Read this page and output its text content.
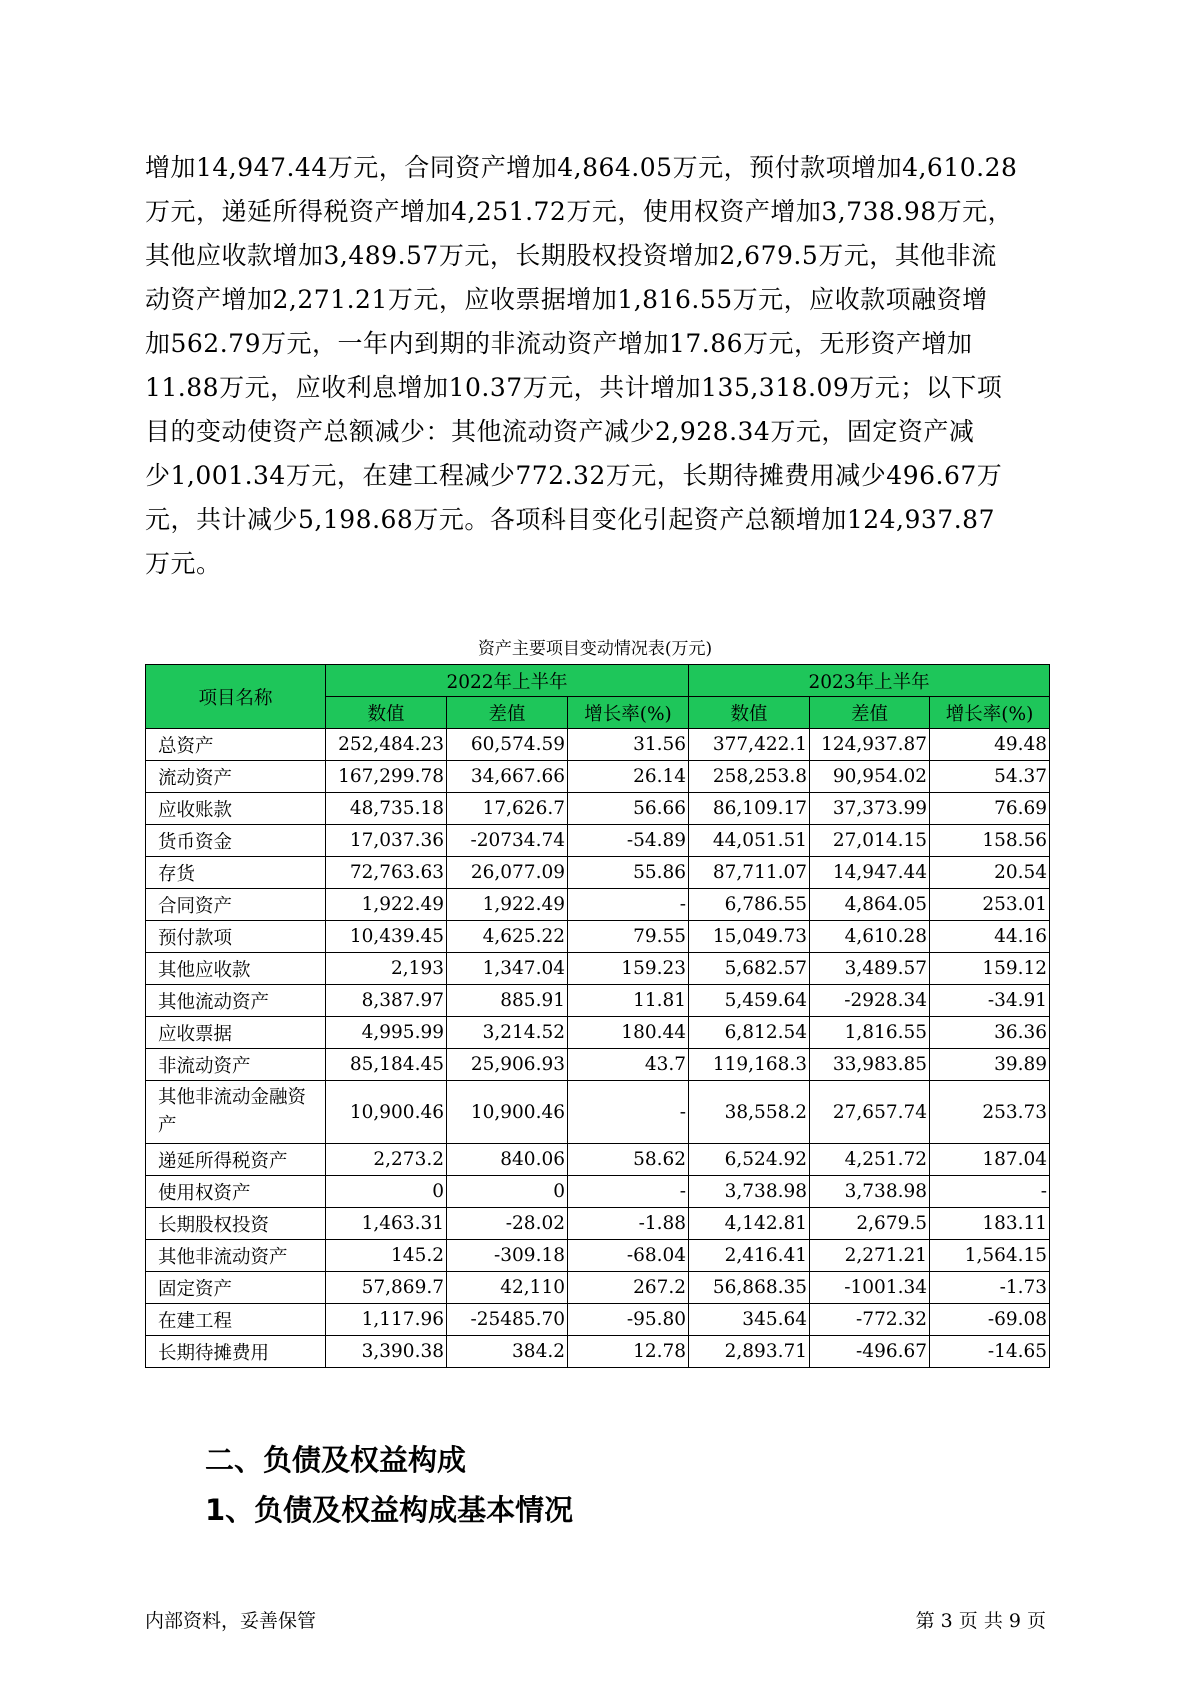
增加14,947.44万元，合同资产增加4,864.05万元，预付款项增加4,610.28

万元，递延所得税资产增加4,251.72万元，使用权资产增加3,738.98万元，

其他应收款增加3,489.57万元，长期股权投资增加2,679.5万元，其他非流

动资产增加2,271.21万元，应收票据增加1,816.55万元，应收款项融资增

加562.79万元，一年内到期的非流动资产增加17.86万元，无形资产增加

11.88万元，应收利息增加10.37万元，共计增加135,318.09万元；以下项

目的变动使资产总额减少：其他流动资产减少2,928.34万元，固定资产减

少1,001.34万元，在建工程减少772.32万元，长期待摊费用减少496.67万

元，共计减少5,198.68万元。各项科目变化引起资产总额增加124,937.87

万元。

资产主要项目变动情况表(万元)
项目名称	2022年上半年			2023年上半年		
	数值	差值	增长率(%)	数值	差值	增长率(%)
总资产	252,484.23	60,574.59	31.56	377,422.1	124,937.87	49.48
流动资产	167,299.78	34,667.66	26.14	258,253.8	90,954.02	54.37
应收账款	48,735.18	17,626.7	56.66	86,109.17	37,373.99	76.69
货币资金	17,037.36	-20734.74	-54.89	44,051.51	27,014.15	158.56
存货	72,763.63	26,077.09	55.86	87,711.07	14,947.44	20.54
合同资产	1,922.49	1,922.49	-	6,786.55	4,864.05	253.01
预付款项	10,439.45	4,625.22	79.55	15,049.73	4,610.28	44.16
其他应收款	2,193	1,347.04	159.23	5,682.57	3,489.57	159.12
其他流动资产	8,387.97	885.91	11.81	5,459.64	-2928.34	-34.91
应收票据	4,995.99	3,214.52	180.44	6,812.54	1,816.55	36.36
非流动资产	85,184.45	25,906.93	43.7	119,168.3	33,983.85	39.89
其他非流动金融资产	10,900.46	10,900.46	-	38,558.2	27,657.74	253.73
递延所得税资产	2,273.2	840.06	58.62	6,524.92	4,251.72	187.04
使用权资产	0	0	-	3,738.98	3,738.98	-
长期股权投资	1,463.31	-28.02	-1.88	4,142.81	2,679.5	183.11
其他非流动资产	145.2	-309.18	-68.04	2,416.41	2,271.21	1,564.15
固定资产	57,869.7	42,110	267.2	56,868.35	-1001.34	-1.73
在建工程	1,117.96	-25485.70	-95.80	345.64	-772.32	-69.08
长期待摊费用	3,390.38	384.2	12.78	2,893.71	-496.67	-14.65
二、负债及权益构成
1、负债及权益构成基本情况
内部资料，妥善保管	第 3 页 共 9 页
